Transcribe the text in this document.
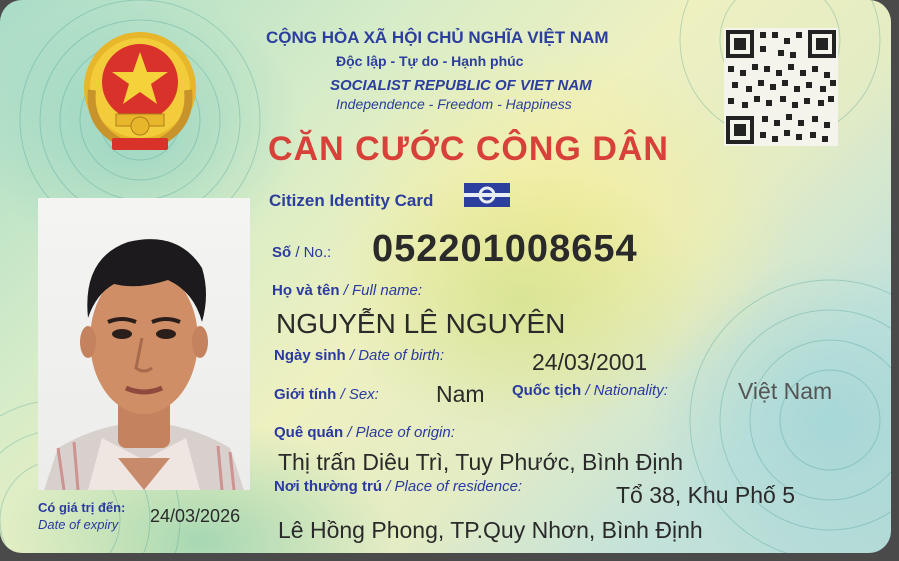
CỘNG HÒA XÃ HỘI CHỦ NGHĨA VIỆT NAM
Độc lập - Tự do - Hạnh phúc
SOCIALIST REPUBLIC OF VIET NAM
Independence - Freedom - Happiness
CĂN CƯỚC CÔNG DÂN
Citizen Identity Card
Số / No.: 052201008654
Họ và tên / Full name:
NGUYỄN LÊ NGUYÊN
Ngày sinh / Date of birth:	24/03/2001
Giới tính / Sex: Nam Quốc tịch / Nationality:	Việt Nam
Quê quán / Place of origin:
Thị trấn Diêu Trì, Tuy Phước, Bình Định
Nơi thường trú / Place of residence:	Tổ 38, Khu Phố 5
Lê Hồng Phong, TP.Quy Nhơn, Bình Định
Có giá trị đến:
Date of expiry 24/03/2026
